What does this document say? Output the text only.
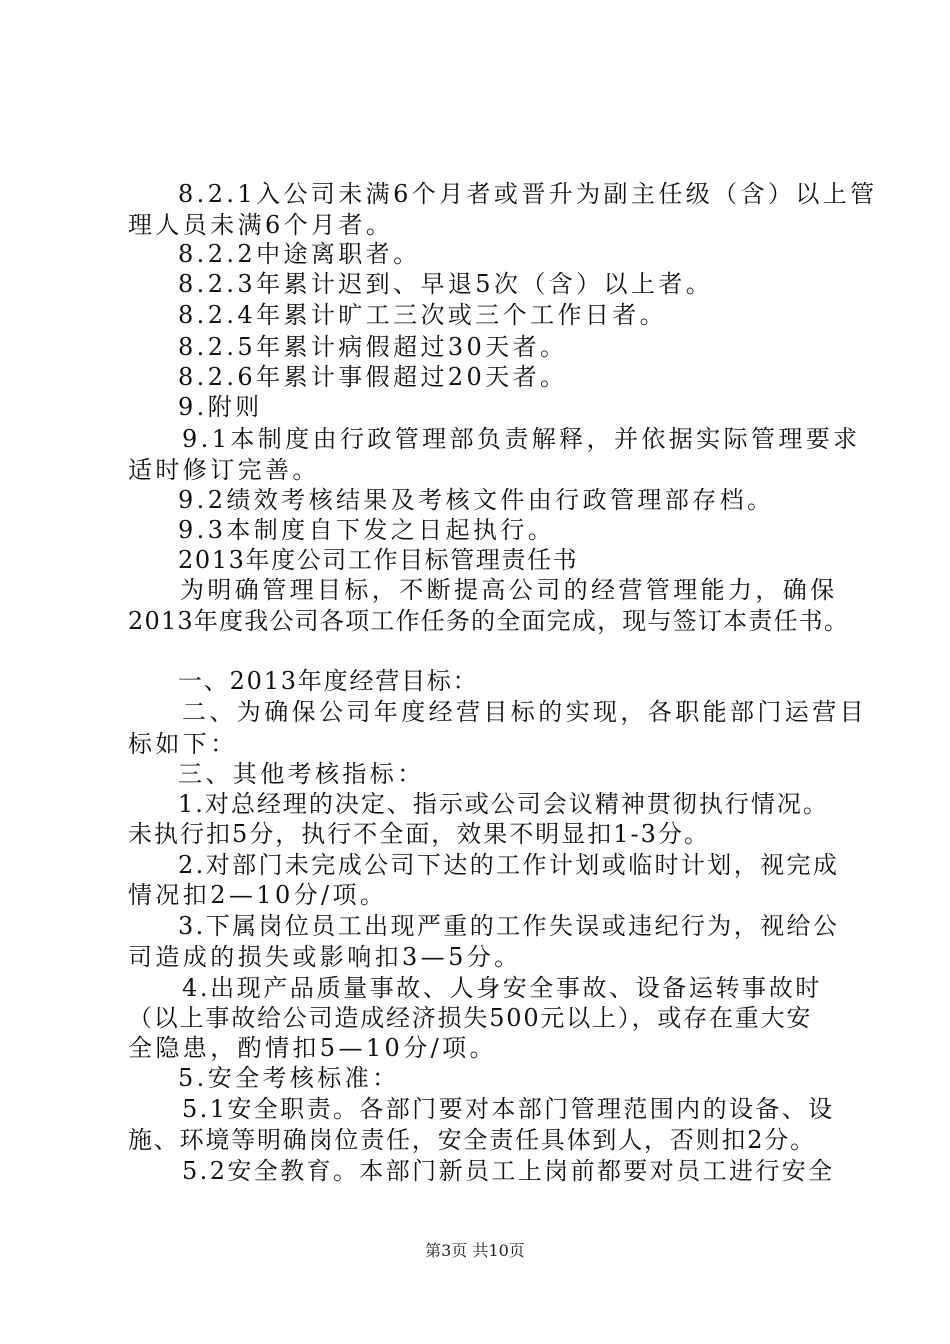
8.2.1入公司未满6个月者或晋升为副主任级（含）以上管
理人员未满6个月者。
8.2.2中途离职者。
8.2.3年累计迟到、早退5次（含）以上者。
8.2.4年累计旷工三次或三个工作日者。
8.2.5年累计病假超过30天者。
8.2.6年累计事假超过20天者。
9.附则
9.1本制度由行政管理部负责解释，并依据实际管理要求
适时修订完善。
9.2绩效考核结果及考核文件由行政管理部存档。
9.3本制度自下发之日起执行。
2013年度公司工作目标管理责任书
为明确管理目标，不断提高公司的经营管理能力，确保
2013年度我公司各项工作任务的全面完成，现与签订本责任书。
一、2013年度经营目标：
二、为确保公司年度经营目标的实现，各职能部门运营目
标如下：
三、其他考核指标：
1.对总经理的决定、指示或公司会议精神贯彻执行情况。
未执行扣5分，执行不全面，效果不明显扣1-3分。
2.对部门未完成公司下达的工作计划或临时计划，视完成
情况扣2—10分/项。
3.下属岗位员工出现严重的工作失误或违纪行为，视给公
司造成的损失或影响扣3—5分。
4.出现产品质量事故、人身安全事故、设备运转事故时
（以上事故给公司造成经济损失500元以上），或存在重大安
全隐患，酌情扣5—10分/项。
5.安全考核标准：
5.1安全职责。各部门要对本部门管理范围内的设备、设
施、环境等明确岗位责任，安全责任具体到人，否则扣2分。
5.2安全教育。本部门新员工上岗前都要对员工进行安全
第3页 共10页
